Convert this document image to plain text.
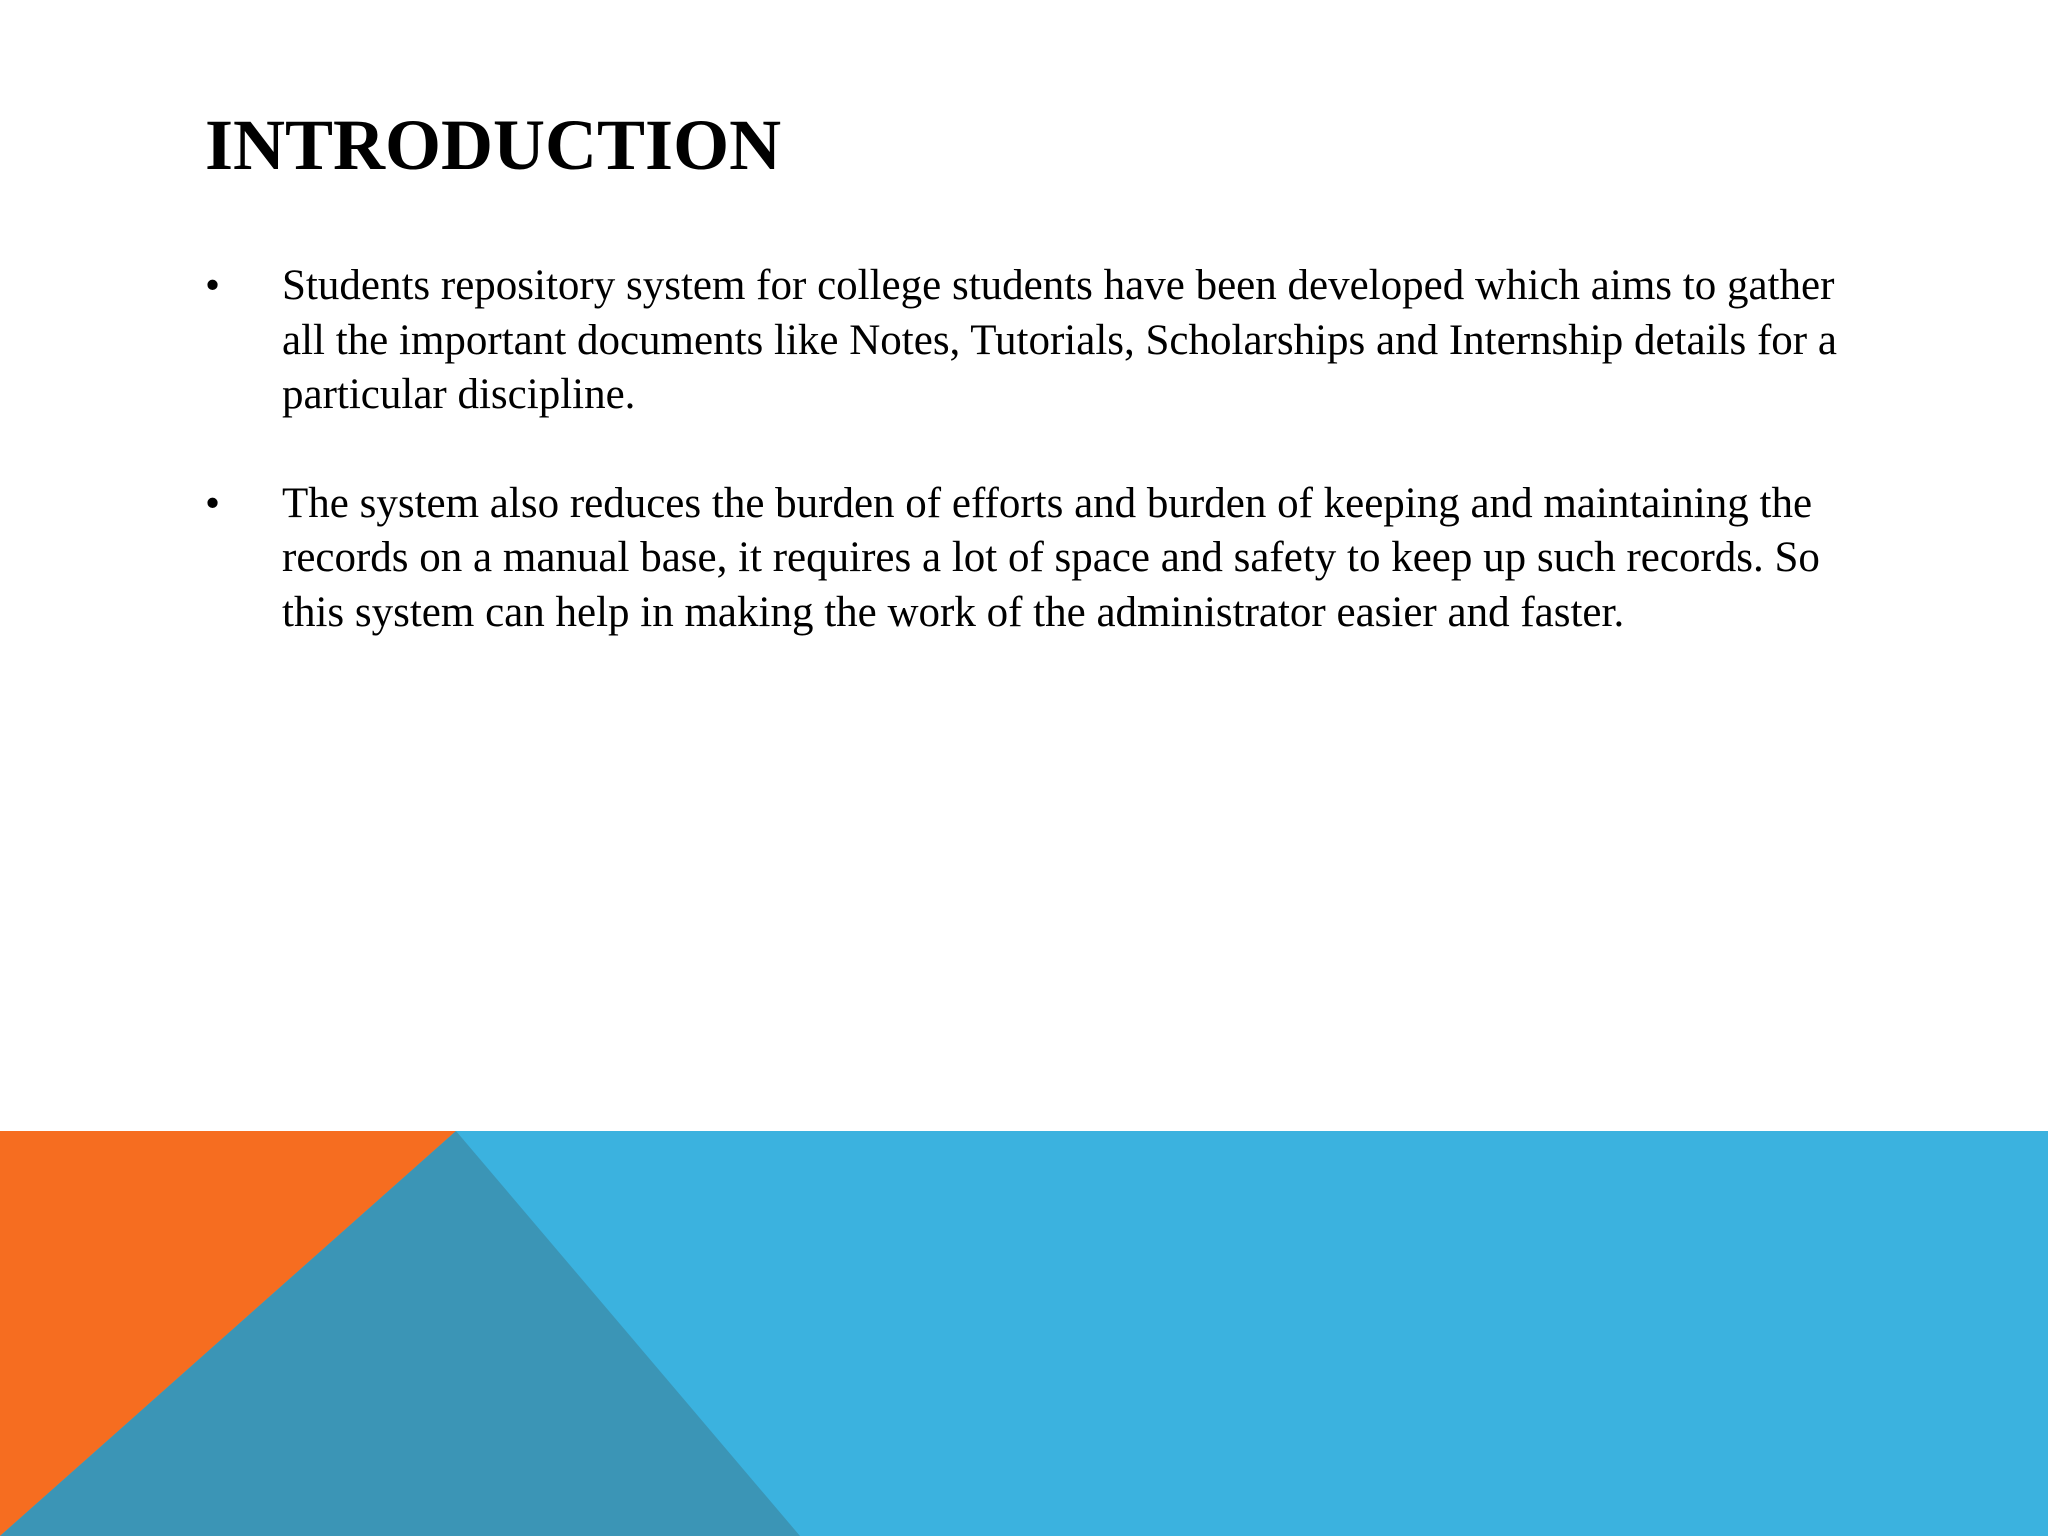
INTRODUCTION
•	Students repository system for college students have been developed which aims to gather all the important documents like Notes, Tutorials, Scholarships and Internship details for a particular discipline.
•	The system also reduces the burden of efforts and burden of keeping and maintaining the records on a manual base, it requires a lot of space and safety to keep up such records. So this system can help in making the work of the administrator easier and faster.
